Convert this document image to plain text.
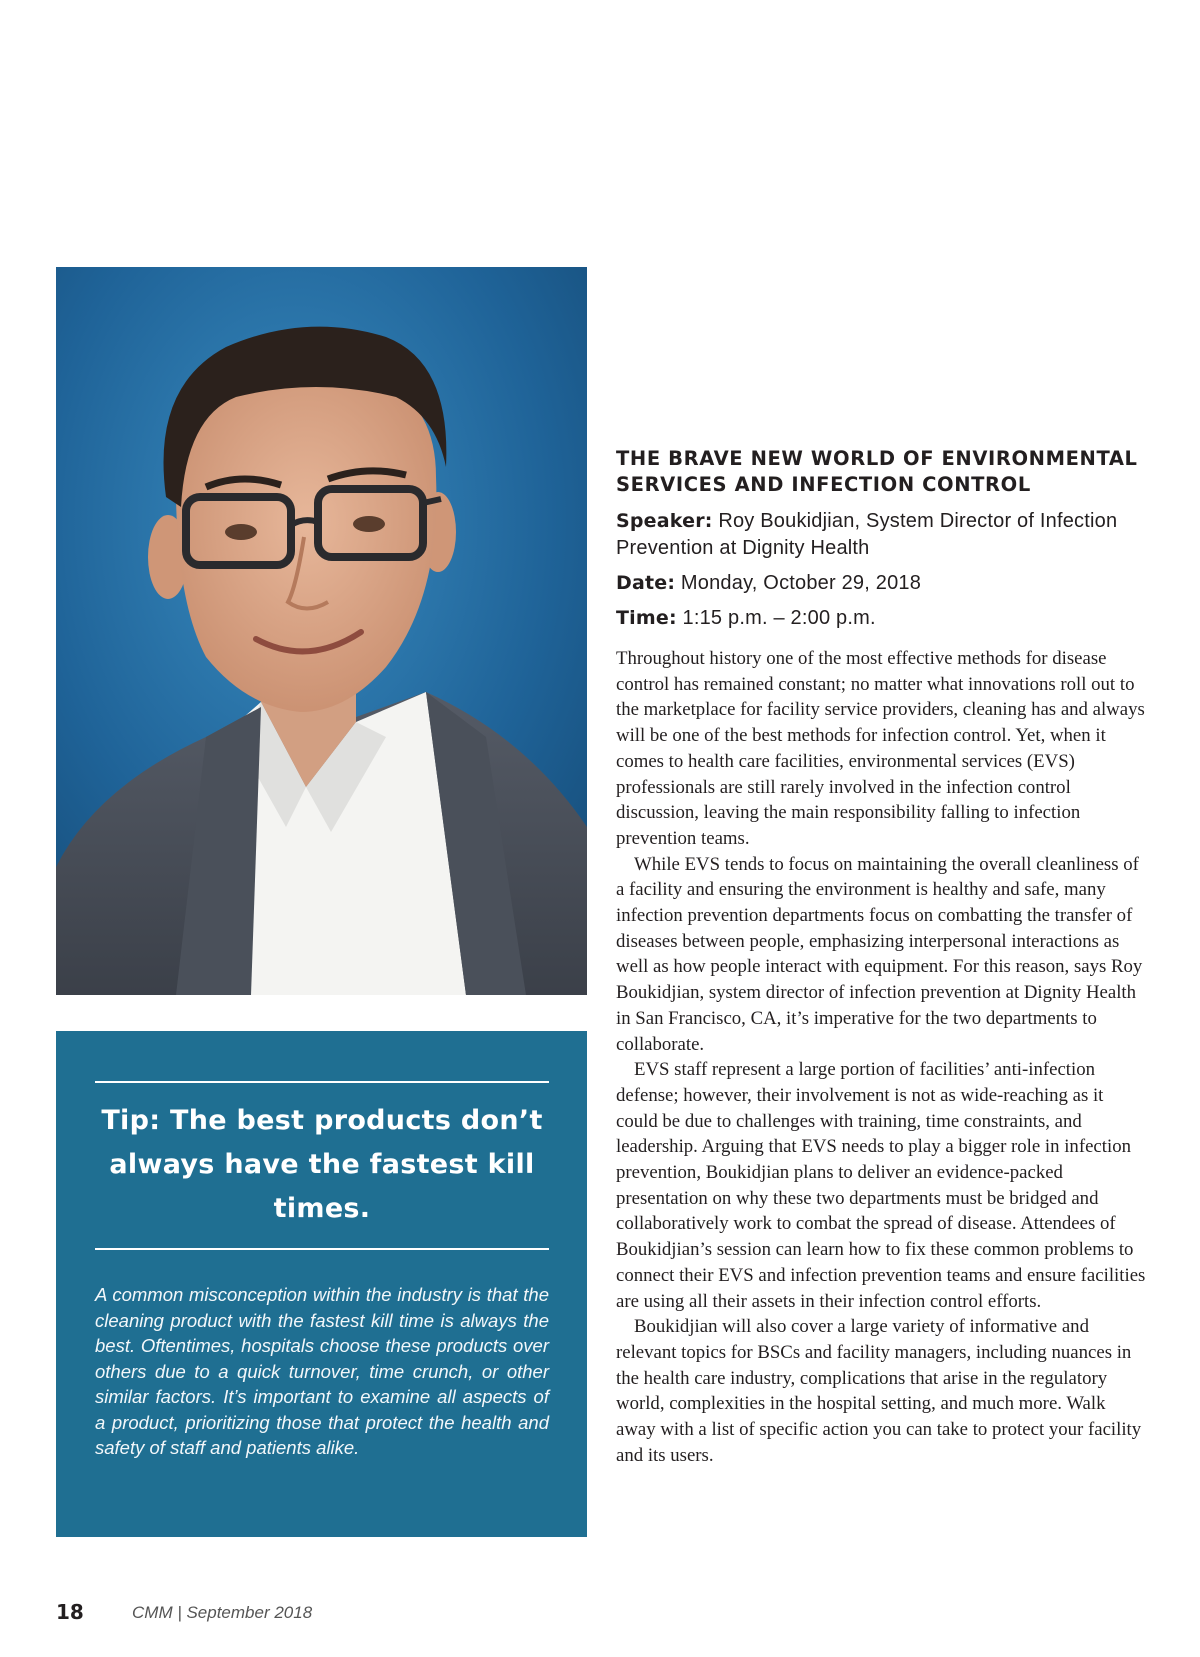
Tip: The best products don’t always have the fastest kill times.
A common misconception within the industry is that the cleaning product with the fastest kill time is always the best. Oftentimes, hospitals choose these products over others due to a quick turnover, time crunch, or other similar factors. It’s important to examine all aspects of a product, prioritizing those that protect the health and safety of staff and patients alike.
THE BRAVE NEW WORLD OF ENVIRONMENTAL SERVICES AND INFECTION CONTROL

Speaker: Roy Boukidjian, System Director of Infection Prevention at Dignity Health

Date: Monday, October 29, 2018

Time: 1:15 p.m. – 2:00 p.m.

Throughout history one of the most effective methods for disease control has remained constant; no matter what innovations roll out to the marketplace for facility service providers, cleaning has and always will be one of the best methods for infection control. Yet, when it comes to health care facilities, environmental services (EVS) professionals are still rarely involved in the infection control discussion, leaving the main responsibility falling to infection prevention teams.

While EVS tends to focus on maintaining the overall cleanliness of a facility and ensuring the environment is healthy and safe, many infection prevention departments focus on combatting the transfer of diseases between people, emphasizing interpersonal interactions as well as how people interact with equipment. For this reason, says Roy Boukidjian, system director of infection prevention at Dignity Health in San Francisco, CA, it’s imperative for the two departments to collaborate.

EVS staff represent a large portion of facilities’ anti-infection defense; however, their involvement is not as wide-reaching as it could be due to challenges with training, time constraints, and leadership. Arguing that EVS needs to play a bigger role in infection prevention, Boukidjian plans to deliver an evidence-packed presentation on why these two departments must be bridged and collaboratively work to combat the spread of disease. Attendees of Boukidjian’s session can learn how to fix these common problems to connect their EVS and infection prevention teams and ensure facilities are using all their assets in their infection control efforts.

Boukidjian will also cover a large variety of informative and relevant topics for BSCs and facility managers, including nuances in the health care industry, complications that arise in the regulatory world, complexities in the hospital setting, and much more. Walk away with a list of specific action you can take to protect your facility and its users.

18	CMM | September 2018
